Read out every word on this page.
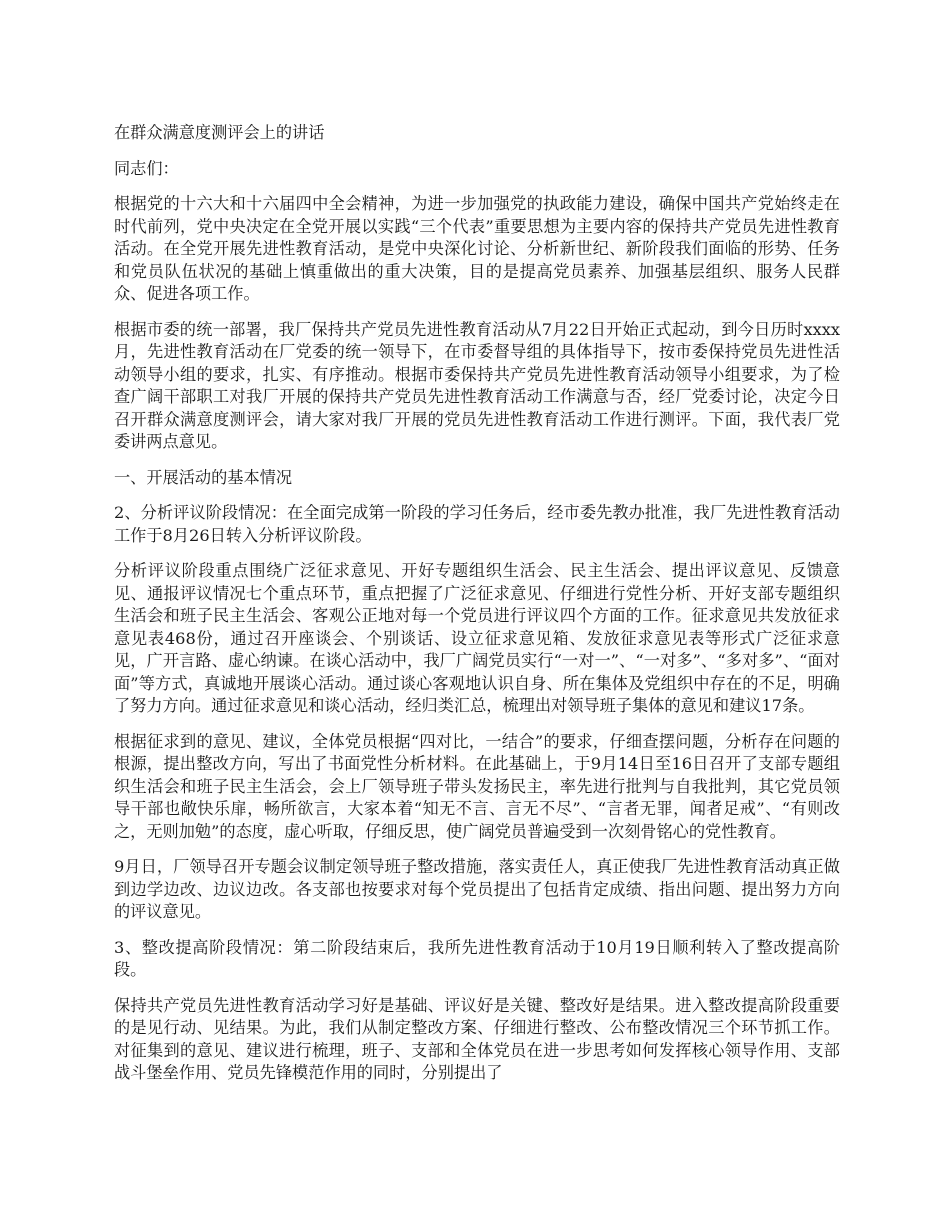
在群众满意度测评会上的讲话

同志们：

根据党的十六大和十六届四中全会精神，为进一步加强党的执政能力建设，确保中国共产党始终走在时代前列，党中央决定在全党开展以实践“三个代表”重要思想为主要内容的保持共产党员先进性教育活动。在全党开展先进性教育活动，是党中央深化讨论、分析新世纪、新阶段我们面临的形势、任务和党员队伍状况的基础上慎重做出的重大决策，目的是提高党员素养、加强基层组织、服务人民群众、促进各项工作。

根据市委的统一部署，我厂保持共产党员先进性教育活动从7月22日开始正式起动，到今日历时xxxx月，先进性教育活动在厂党委的统一领导下，在市委督导组的具体指导下，按市委保持党员先进性活动领导小组的要求，扎实、有序推动。根据市委保持共产党员先进性教育活动领导小组要求，为了检查广阔干部职工对我厂开展的保持共产党员先进性教育活动工作满意与否，经厂党委讨论，决定今日召开群众满意度测评会，请大家对我厂开展的党员先进性教育活动工作进行测评。下面，我代表厂党委讲两点意见。

一、开展活动的基本情况

2、分析评议阶段情况：在全面完成第一阶段的学习任务后，经市委先教办批准，我厂先进性教育活动工作于8月26日转入分析评议阶段。

分析评议阶段重点围绕广泛征求意见、开好专题组织生活会、民主生活会、提出评议意见、反馈意见、通报评议情况七个重点环节，重点把握了广泛征求意见、仔细进行党性分析、开好支部专题组织生活会和班子民主生活会、客观公正地对每一个党员进行评议四个方面的工作。征求意见共发放征求意见表468份，通过召开座谈会、个别谈话、设立征求意见箱、发放征求意见表等形式广泛征求意见，广开言路、虚心纳谏。在谈心活动中，我厂广阔党员实行“一对一”、“一对多”、“多对多”、“面对面”等方式，真诚地开展谈心活动。通过谈心客观地认识自身、所在集体及党组织中存在的不足，明确了努力方向。通过征求意见和谈心活动，经归类汇总，梳理出对领导班子集体的意见和建议17条。

根据征求到的意见、建议，全体党员根据“四对比，一结合”的要求，仔细查摆问题，分析存在问题的根源，提出整改方向，写出了书面党性分析材料。在此基础上，于9月14日至16日召开了支部专题组织生活会和班子民主生活会，会上厂领导班子带头发扬民主，率先进行批判与自我批判，其它党员领导干部也敞快乐扉，畅所欲言，大家本着“知无不言、言无不尽”、“言者无罪，闻者足戒”、“有则改之，无则加勉”的态度，虚心听取，仔细反思，使广阔党员普遍受到一次刻骨铭心的党性教育。

9月日，厂领导召开专题会议制定领导班子整改措施，落实责任人，真正使我厂先进性教育活动真正做到边学边改、边议边改。各支部也按要求对每个党员提出了包括肯定成绩、指出问题、提出努力方向的评议意见。

3、整改提高阶段情况：第二阶段结束后，我所先进性教育活动于10月19日顺利转入了整改提高阶段。

保持共产党员先进性教育活动学习好是基础、评议好是关键、整改好是结果。进入整改提高阶段重要的是见行动、见结果。为此，我们从制定整改方案、仔细进行整改、公布整改情况三个环节抓工作。对征集到的意见、建议进行梳理，班子、支部和全体党员在进一步思考如何发挥核心领导作用、支部战斗堡垒作用、党员先锋模范作用的同时，分别提出了
